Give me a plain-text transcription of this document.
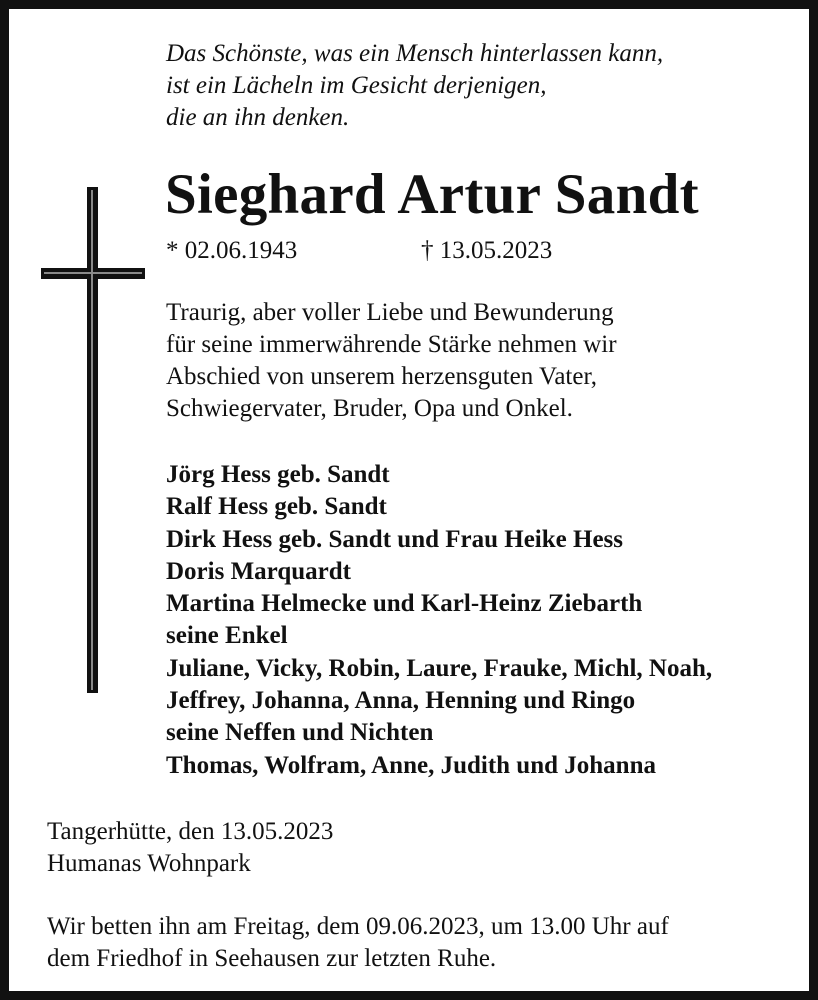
Das Schönste, was ein Mensch hinterlassen kann,
ist ein Lächeln im Gesicht derjenigen,
die an ihn denken.
Sieghard Artur Sandt
* 02.06.1943	† 13.05.2023
Traurig, aber voller Liebe und Bewunderung
für seine immerwährende Stärke nehmen wir
Abschied von unserem herzensguten Vater,
Schwiegervater, Bruder, Opa und Onkel.
Jörg Hess geb. Sandt
Ralf Hess geb. Sandt
Dirk Hess geb. Sandt und Frau Heike Hess
Doris Marquardt
Martina Helmecke und Karl-Heinz Ziebarth
seine Enkel
Juliane, Vicky, Robin, Laure, Frauke, Michl, Noah,
Jeffrey, Johanna, Anna, Henning und Ringo
seine Neffen und Nichten
Thomas, Wolfram, Anne, Judith und Johanna
Tangerhütte, den 13.05.2023
Humanas Wohnpark
Wir betten ihn am Freitag, dem 09.06.2023, um 13.00 Uhr auf
dem Friedhof in Seehausen zur letzten Ruhe.
